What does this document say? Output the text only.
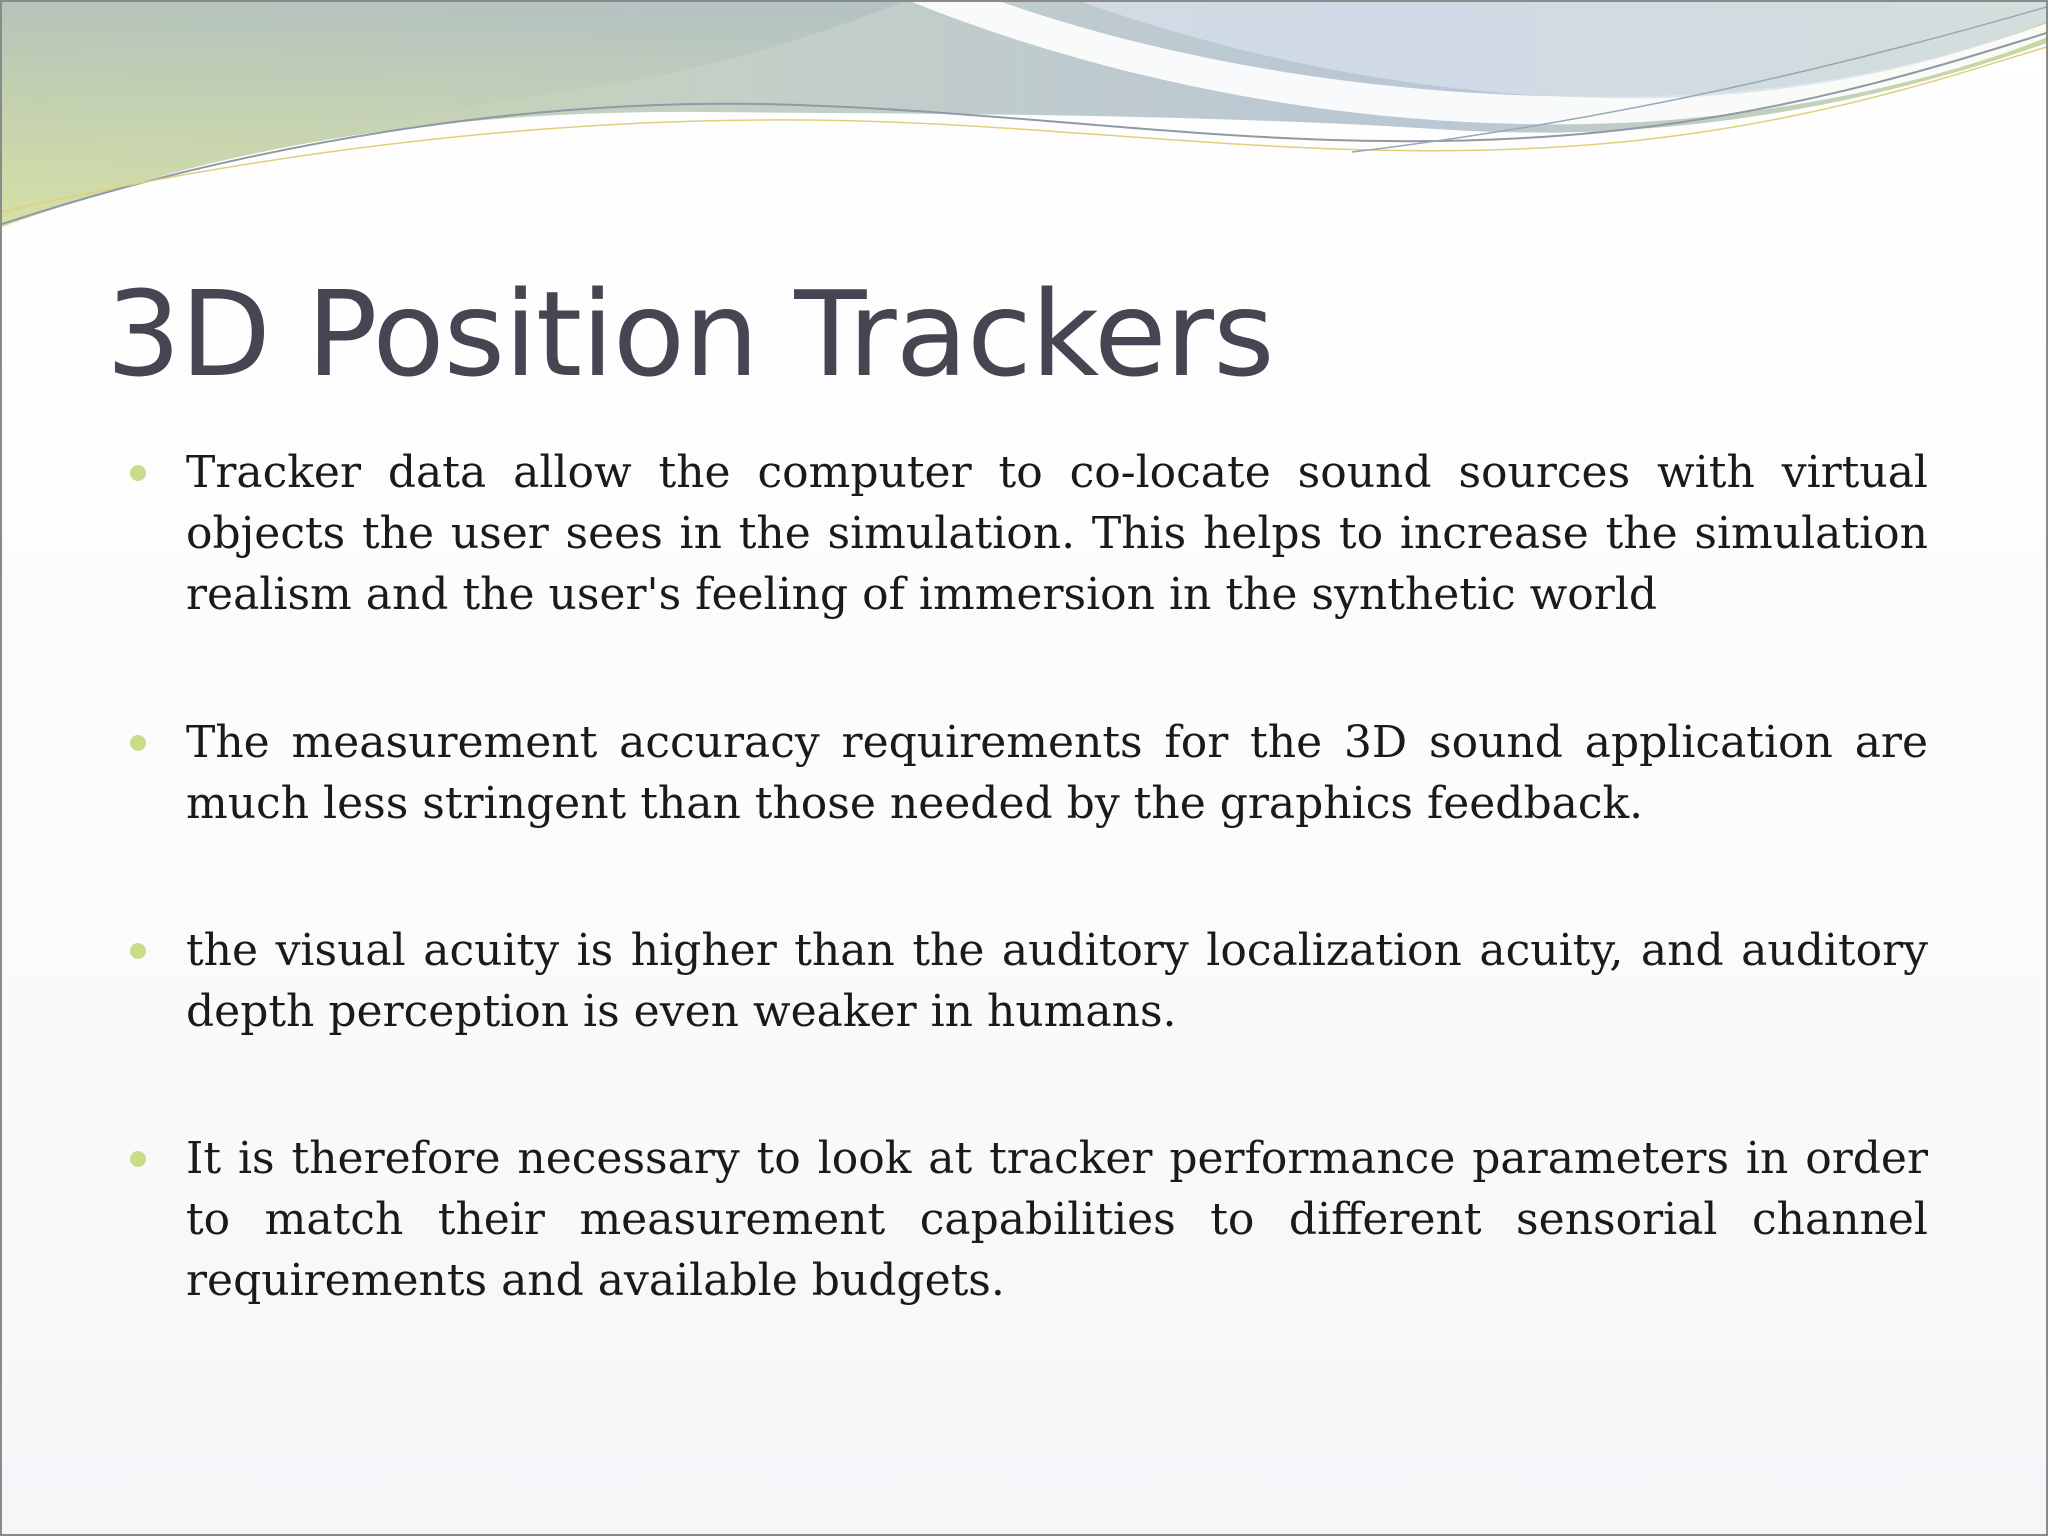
3D Position Trackers
Tracker data allow the computer to co-locate sound sources with virtual objects the user sees in the simulation. This helps to increase the simulation realism and the user's feeling of immersion in the synthetic world
The measurement accuracy requirements for the 3D sound application are much less stringent than those needed by the graphics feedback.
the visual acuity is higher than the auditory localization acuity, and auditory depth perception is even weaker in humans.
It is therefore necessary to look at tracker performance parameters in order to match their measurement capabilities to different sensorial channel requirements and available budgets.
